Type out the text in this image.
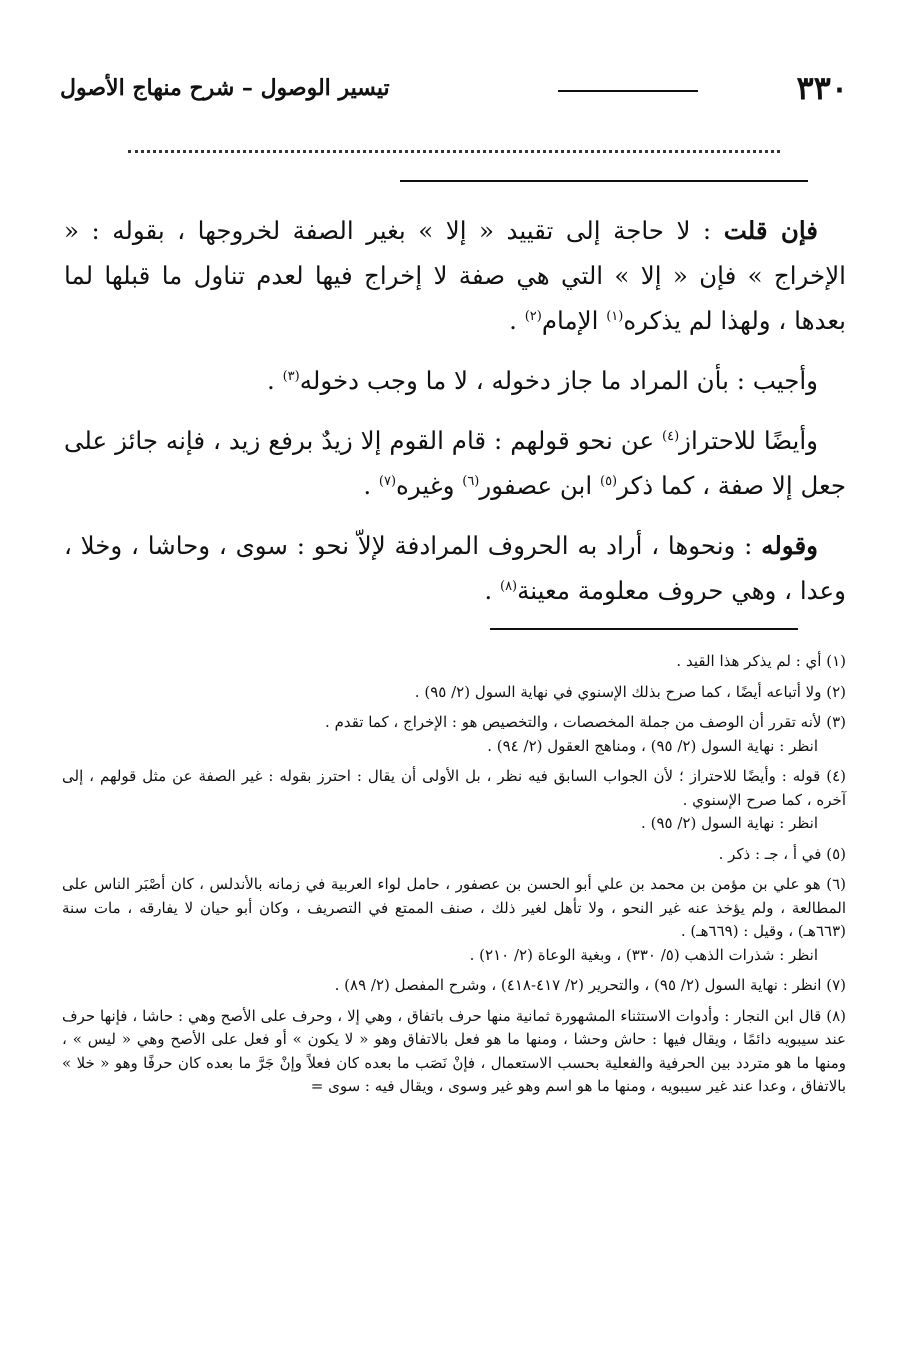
٣٣٠
تيسير الوصول – شرح منهاج الأصول

فإن قلت : لا حاجة إلى تقييد « إلا » بغير الصفة لخروجها ، بقوله : « الإخراج » فإن « إلا » التي هي صفة لا إخراج فيها لعدم تناول ما قبلها لما بعدها ، ولهذا لم يذكره$^{(١)}$ الإمام$^{(٢)}$ .

وأجيب : بأن المراد ما جاز دخوله ، لا ما وجب دخوله$^{(٣)}$ .

وأيضًا للاحتراز$^{(٤)}$ عن نحو قولهم : قام القوم إلا زيدٌ برفع زيد ، فإنه جائز على جعل إلا صفة ، كما ذكر$^{(٥)}$ ابن عصفور$^{(٦)}$ وغيره$^{(٧)}$ .

وقوله : ونحوها ، أراد به الحروف المرادفة لإلاّ نحو : سوى ، وحاشا ، وخلا ، وعدا ، وهي حروف معلومة معينة$^{(٨)}$ .

(١) أي : لم يذكر هذا القيد .
(٢) ولا أتباعه أيضًا ، كما صرح بذلك الإسنوي في نهاية السول (٢/ ٩٥) .
(٣) لأنه تقرر أن الوصف من جملة المخصصات ، والتخصيص هو : الإخراج ، كما تقدم .
انظر : نهاية السول (٢/ ٩٥) ، ومناهج العقول (٢/ ٩٤) .
(٤) قوله : وأيضًا للاحتراز ؛ لأن الجواب السابق فيه نظر ، بل الأولى أن يقال : احترز بقوله : غير الصفة عن مثل قولهم ، إلى آخره ، كما صرح الإسنوي .
انظر : نهاية السول (٢/ ٩٥) .
(٥) في أ ، جـ : ذكر .
(٦) هو علي بن مؤمن بن محمد بن علي أبو الحسن بن عصفور ، حامل لواء العربية في زمانه بالأندلس ، كان أصْبَر الناس على المطالعة ، ولم يؤخذ عنه غير النحو ، ولا تأهل لغير ذلك ، صنف الممتع في التصريف ، وكان أبو حيان لا يفارقه ، مات سنة (٦٦٣هـ) ، وقيل : (٦٦٩هـ) .
انظر : شذرات الذهب (٥/ ٣٣٠) ، وبغية الوعاة (٢/ ٢١٠) .
(٧) انظر : نهاية السول (٢/ ٩٥) ، والتحرير (٢/ ٤١٧-٤١٨) ، وشرح المفصل (٢/ ٨٩) .
(٨) قال ابن النجار : وأدوات الاستثناء المشهورة ثمانية منها حرف باتفاق ، وهي إلا ، وحرف على الأصح وهي : حاشا ، فإنها حرف عند سيبويه دائمًا ، ويقال فيها : حاش وحشا ، ومنها ما هو فعل بالاتفاق وهو « لا يكون » أو فعل على الأصح وهي « ليس » ، ومنها ما هو متردد بين الحرفية والفعلية بحسب الاستعمال ، فإنْ نَصَب ما بعده كان فعلاً وإنْ جَرَّ ما بعده كان حرفًا وهو « خلا » بالاتفاق ، وعدا عند غير سيبويه ، ومنها ما هو اسم وهو غير وسوى ، ويقال فيه : سوى =
